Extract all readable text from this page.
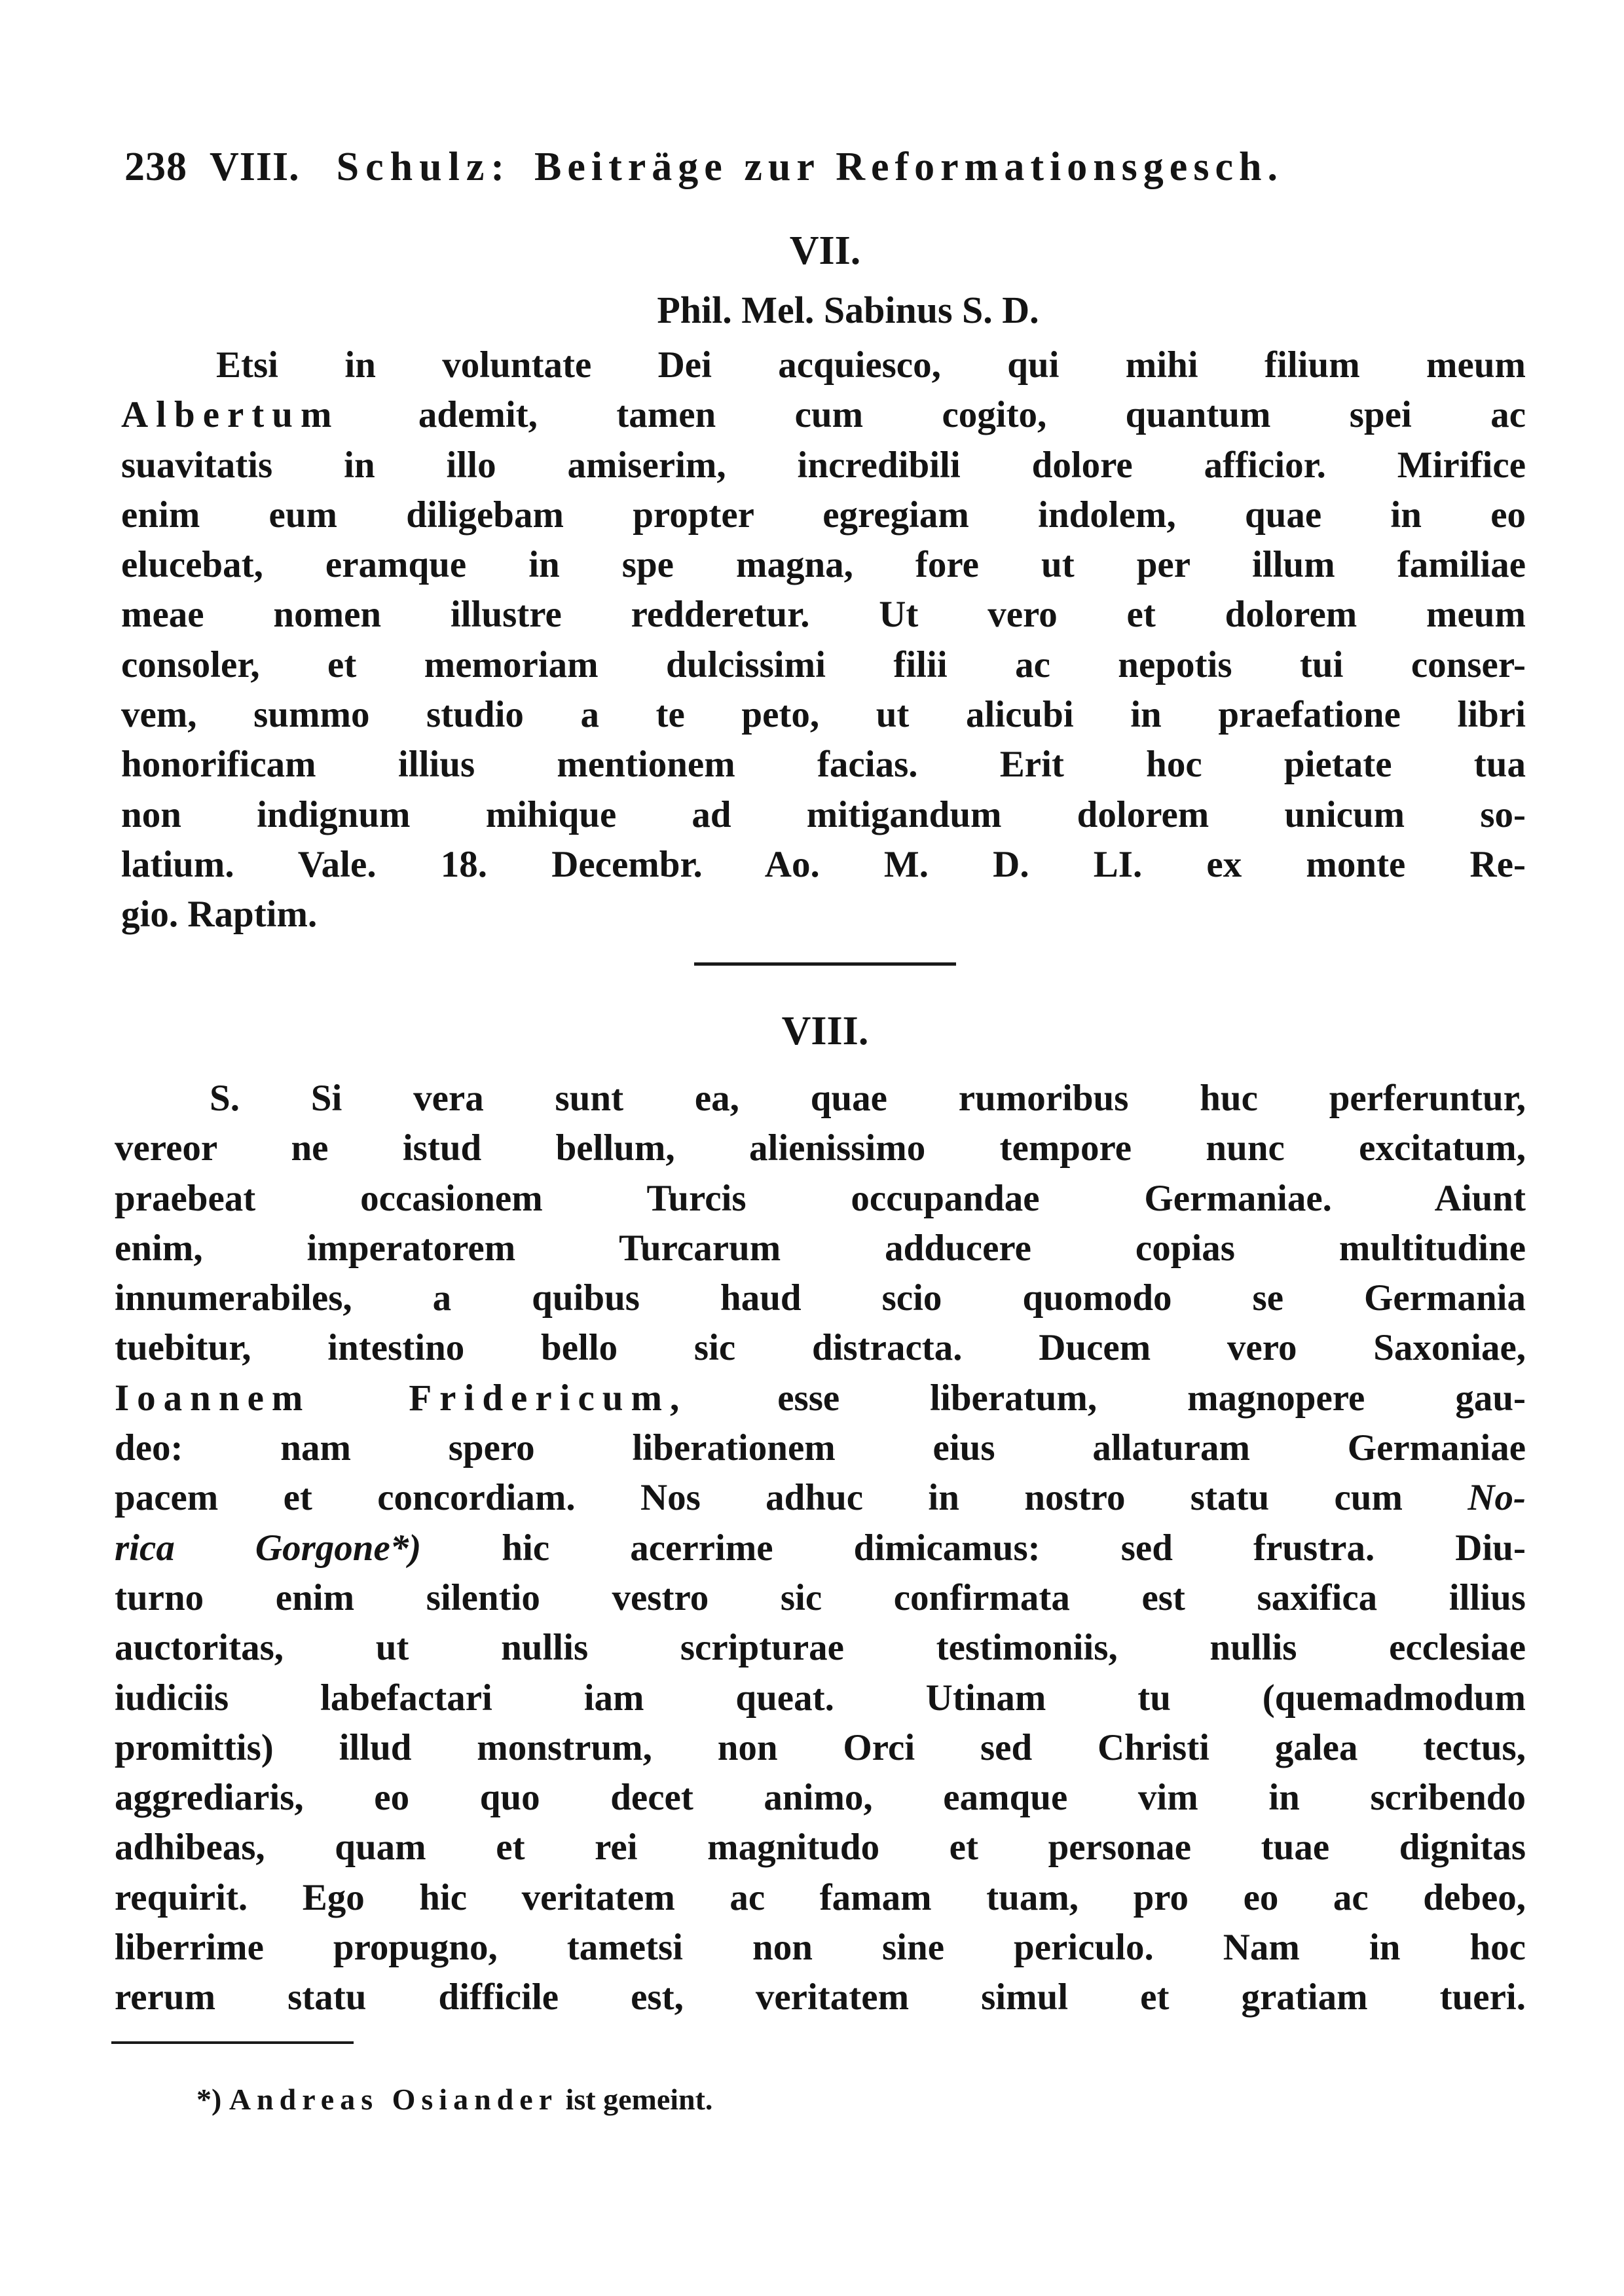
238 VIII. Schulz: Beiträge zur Reformationsgesch.
VII.
Phil. Mel. Sabinus S. D.
Etsi in voluntate Dei acquiesco, qui mihi filium meum
Albertum ademit, tamen cum cogito, quantum spei ac
suavitatis in illo amiserim, incredibili dolore afficior. Mirifice
enim eum diligebam propter egregiam indolem, quae in eo
elucebat, eramque in spe magna, fore ut per illum familiae
meae nomen illustre redderetur. Ut vero et dolorem meum
consoler, et memoriam dulcissimi filii ac nepotis tui conser-
vem, summo studio a te peto, ut alicubi in praefatione libri
honorificam illius mentionem facias. Erit hoc pietate tua
non indignum mihique ad mitigandum dolorem unicum so-
latium. Vale. 18. Decembr. Ao. M. D. LI. ex monte Re-
gio. Raptim.
VIII.
S. Si vera sunt ea, quae rumoribus huc perferuntur,
vereor ne istud bellum, alienissimo tempore nunc excitatum,
praebeat occasionem Turcis occupandae Germaniae. Aiunt
enim, imperatorem Turcarum adducere copias multitudine
innumerabiles, a quibus haud scio quomodo se Germania
tuebitur, intestino bello sic distracta. Ducem vero Saxoniae,
Ioannem Fridericum, esse liberatum, magnopere gau-
deo: nam spero liberationem eius allaturam Germaniae
pacem et concordiam. Nos adhuc in nostro statu cum No-
rica Gorgone*) hic acerrime dimicamus: sed frustra. Diu-
turno enim silentio vestro sic confirmata est saxifica illius
auctoritas, ut nullis scripturae testimoniis, nullis ecclesiae
iudiciis labefactari iam queat. Utinam tu (quemadmodum
promittis) illud monstrum, non Orci sed Christi galea tectus,
aggrediaris, eo quo decet animo, eamque vim in scribendo
adhibeas, quam et rei magnitudo et personae tuae dignitas
requirit. Ego hic veritatem ac famam tuam, pro eo ac debeo,
liberrime propugno, tametsi non sine periculo. Nam in hoc
rerum statu difficile est, veritatem simul et gratiam tueri.
*) Andreas Osiander ist gemeint.
